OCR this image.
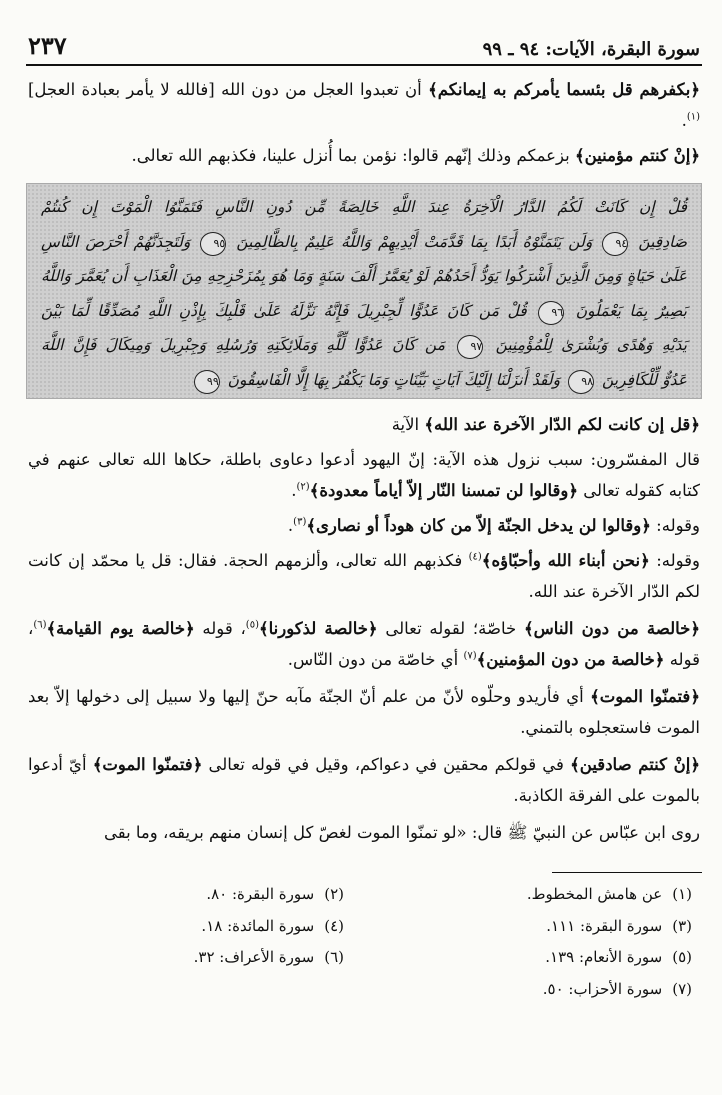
سورة البقرة، الآيات: ٩٤ ـ ٩٩
٢٣٧

﴿بكفرهم قل بئسما يأمركم به إيمانكم﴾ أن تعبدوا العجل من دون الله [فالله لا يأمر بعبادة العجل]$^{(١)}$.

﴿إنْ كنتم مؤمنين﴾ بزعمكم وذلك إنّهم قالوا: نؤمن بما أُنزل علينا، فكذبهم الله تعالى.

قُلْ إِن كَانَتْ لَكُمُ الدَّارُ الْآخِرَةُ عِندَ اللَّهِ خَالِصَةً مِّن دُونِ النَّاسِ فَتَمَنَّوُا الْمَوْتَ إِن كُنتُمْ

صَادِقِينَ ٩٤ وَلَن يَتَمَنَّوْهُ أَبَدًا بِمَا قَدَّمَتْ أَيْدِيهِمْ وَاللَّهُ عَلِيمٌ بِالظَّالِمِينَ ٩٥ وَلَتَجِدَنَّهُمْ أَحْرَصَ النَّاسِ

عَلَىٰ حَيَاةٍ وَمِنَ الَّذِينَ أَشْرَكُوا يَوَدُّ أَحَدُهُمْ لَوْ يُعَمَّرُ أَلْفَ سَنَةٍ وَمَا هُوَ بِمُزَحْزِحِهِ مِنَ الْعَذَابِ أَن يُعَمَّرَ وَاللَّهُ

بَصِيرٌ بِمَا يَعْمَلُونَ ٩٦ قُلْ مَن كَانَ عَدُوًّا لِّجِبْرِيلَ فَإِنَّهُ نَزَّلَهُ عَلَىٰ قَلْبِكَ بِإِذْنِ اللَّهِ مُصَدِّقًا لِّمَا بَيْنَ

يَدَيْهِ وَهُدًى وَبُشْرَىٰ لِلْمُؤْمِنِينَ ٩٧ مَن كَانَ عَدُوًّا لِّلَّهِ وَمَلَائِكَتِهِ وَرُسُلِهِ وَجِبْرِيلَ وَمِيكَالَ فَإِنَّ اللَّهَ

عَدُوٌّ لِّلْكَافِرِينَ ٩٨ وَلَقَدْ أَنزَلْنَا إِلَيْكَ آيَاتٍ بَيِّنَاتٍ وَمَا يَكْفُرُ بِهَا إِلَّا الْفَاسِقُونَ ٩٩

﴿قل إن كانت لكم الدّار الآخرة عند الله﴾ الآية

قال المفسّرون: سبب نزول هذه الآية: إنّ اليهود أدعوا دعاوى باطلة، حكاها الله تعالى عنهم في كتابه كقوله تعالى ﴿وقالوا لن تمسنا النّار إلاّ أياماً معدودة﴾$^{(٢)}$.

وقوله: ﴿وقالوا لن يدخل الجنّة إلاّ من كان هوداً أو نصارى﴾$^{(٣)}$.

وقوله: ﴿نحن أبناء الله وأحبّاؤه﴾$^{(٤)}$ فكذبهم الله تعالى، وألزمهم الحجة. فقال: قل يا محمّد إن كانت لكم الدّار الآخرة عند الله.

﴿خالصة من دون الناس﴾ خاصّة؛ لقوله تعالى ﴿خالصة لذكورنا﴾$^{(٥)}$، قوله ﴿خالصة يوم القيامة﴾$^{(٦)}$، قوله ﴿خالصة من دون المؤمنين﴾$^{(٧)}$ أي خاصّة من دون النّاس.

﴿فتمنّوا الموت﴾ أي فأريدو وحلّوه لأنّ من علم أنّ الجنّة مآبه حنّ إليها ولا سبيل إلى دخولها إلاّ بعد الموت فاستعجلوه بالتمني.

﴿إنْ كنتم صادقين﴾ في قولكم محقين في دعواكم، وقيل في قوله تعالى ﴿فتمنّوا الموت﴾ أيّ أدعوا بالموت على الفرقة الكاذبة.

روى ابن عبّاس عن النبيّ ﷺ قال: «لو تمنّوا الموت لغصّ كل إنسان منهم بريقه، وما بقى

(١)عن هامش المخطوط.
(٢)سورة البقرة: ٨٠.
(٣)سورة البقرة: ١١١.
(٤)سورة المائدة: ١٨.
(٥)سورة الأنعام: ١٣٩.
(٦)سورة الأعراف: ٣٢.
(٧)سورة الأحزاب: ٥٠.
